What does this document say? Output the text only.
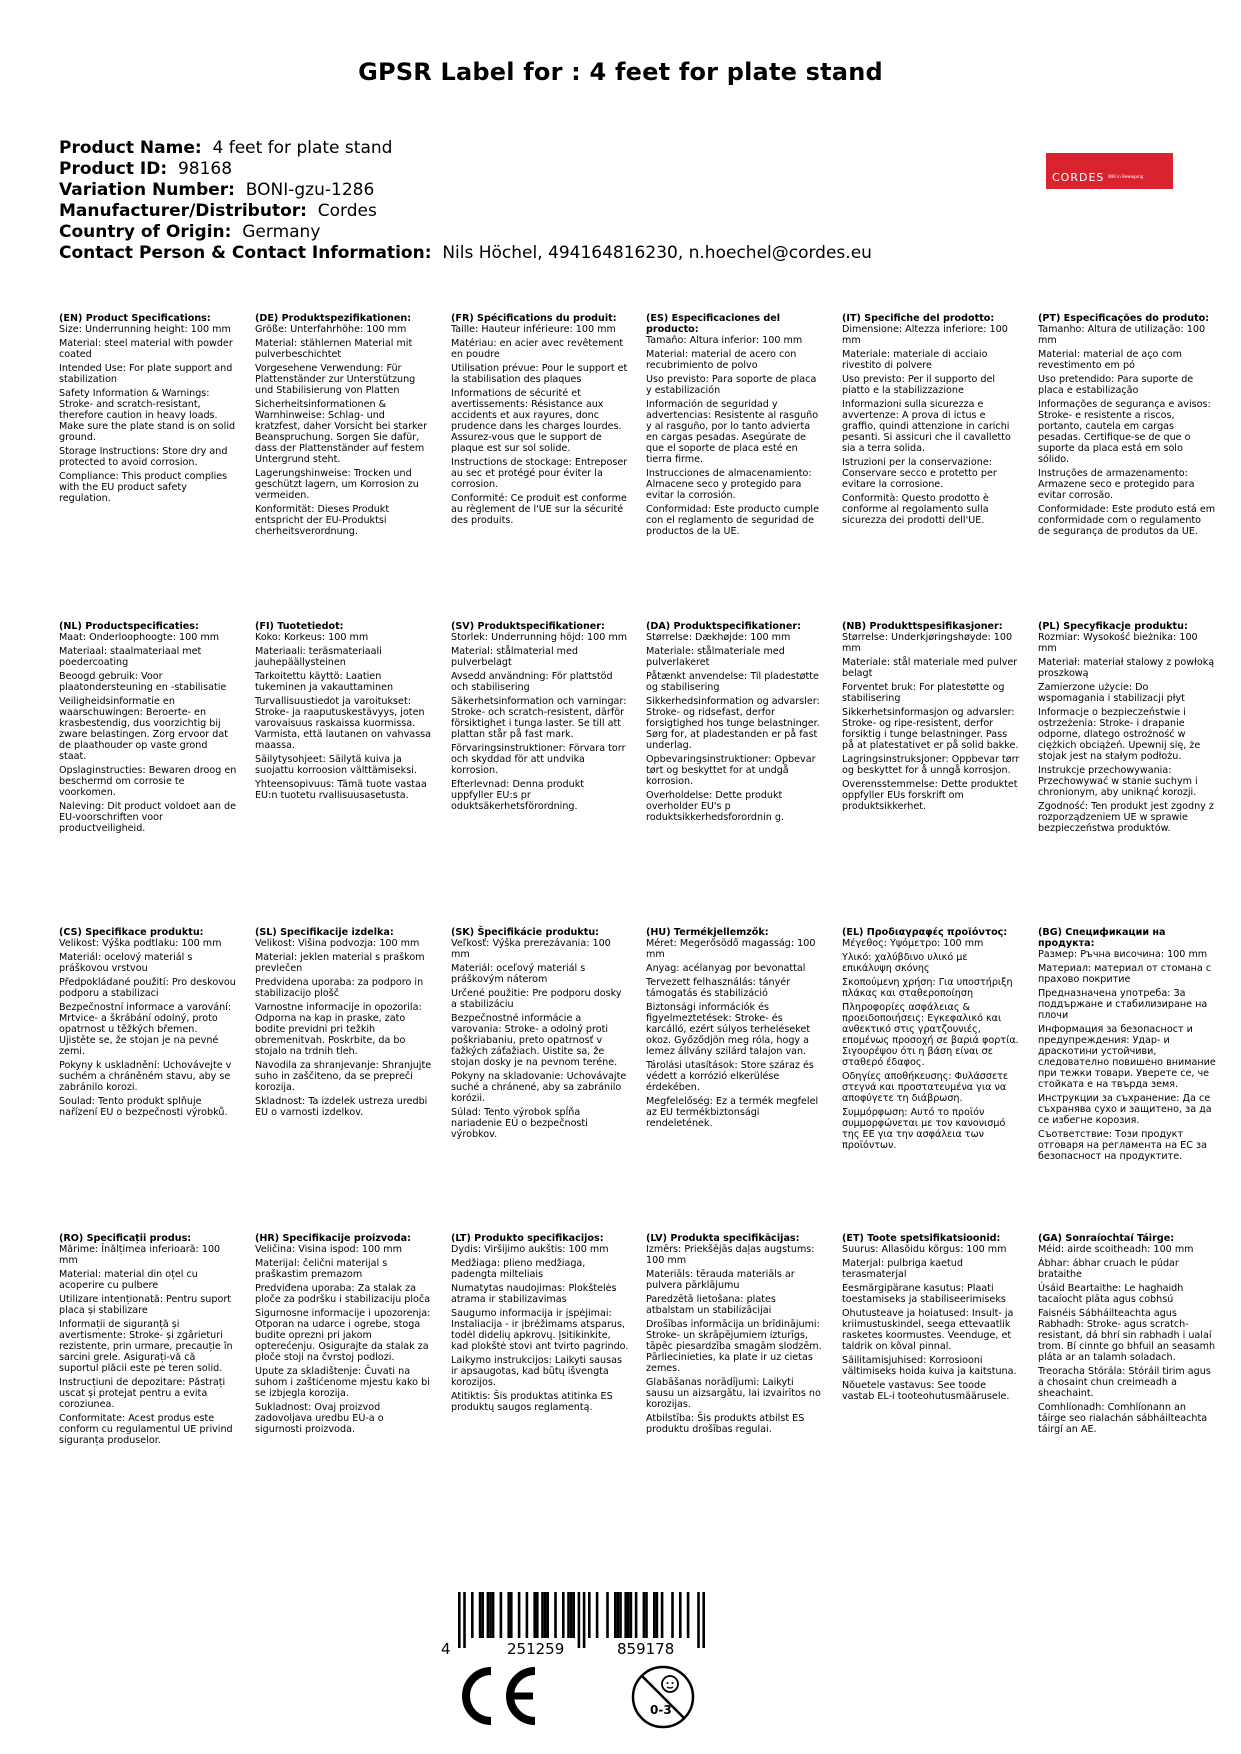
GPSR Label for : 4 feet for plate stand
Product Name: 4 feet for plate stand
Product ID: 98168
Variation Number: BONI-gzu-1286
Manufacturer/Distributor: Cordes
Country of Origin: Germany
Contact Person & Contact Information: Nils Höchel, 494164816230, n.hoechel@cordes.eu
CORDES WIR in Bewegung
(EN) Product Specifications:

Size: Underrunning height: 100 mm

Material: steel material with powder coated

Intended Use: For plate support and stabilization

Safety Information & Warnings: Stroke- and scratch-resistant, therefore caution in heavy loads. Make sure the plate stand is on solid ground.

Storage Instructions: Store dry and protected to avoid corrosion.

Compliance: This product complies with the EU product safety regulation.

(DE) Produktspezifikationen:

Größe: Unterfahrhöhe: 100 mm

Material: stählernen Material mit pulverbeschichtet

Vorgesehene Verwendung: Für Plattenständer zur Unterstützung und Stabilisierung von Platten

Sicherheitsinformationen & Warnhinweise: Schlag- und kratzfest, daher Vorsicht bei starker Beanspruchung. Sorgen Sie dafür, dass der Plattenständer auf festem Untergrund steht.

Lagerungshinweise: Trocken und geschützt lagern, um Korrosion zu vermeiden.

Konformität: Dieses Produkt entspricht der EU-Produktsi cherheitsverordnung.

(FR) Spécifications du produit:

Taille: Hauteur inférieure: 100 mm

Matériau: en acier avec revêtement en poudre

Utilisation prévue: Pour le support et la stabilisation des plaques

Informations de sécurité et avertissements: Résistance aux accidents et aux rayures, donc prudence dans les charges lourdes. Assurez-vous que le support de plaque est sur sol solide.

Instructions de stockage: Entreposer au sec et protégé pour éviter la corrosion.

Conformité: Ce produit est conforme au règlement de l'UE sur la sécurité des produits.

(ES) Especificaciones del producto:

Tamaño: Altura inferior: 100 mm

Material: material de acero con recubrimiento de polvo

Uso previsto: Para soporte de placa y estabilización

Información de seguridad y advertencias: Resistente al rasguño y al rasguño, por lo tanto advierta en cargas pesadas. Asegúrate de que el soporte de placa esté en tierra firme.

Instrucciones de almacenamiento: Almacene seco y protegido para evitar la corrosión.

Conformidad: Este producto cumple con el reglamento de seguridad de productos de la UE.

(IT) Specifiche del prodotto:

Dimensione: Altezza inferiore: 100 mm

Materiale: materiale di acciaio rivestito di polvere

Uso previsto: Per il supporto del piatto e la stabilizzazione

Informazioni sulla sicurezza e avvertenze: A prova di ictus e graffio, quindi attenzione in carichi pesanti. Si assicuri che il cavalletto sia a terra solida.

Istruzioni per la conservazione: Conservare secco e protetto per evitare la corrosione.

Conformità: Questo prodotto è conforme al regolamento sulla sicurezza dei prodotti dell'UE.

(PT) Especificações do produto:

Tamanho: Altura de utilização: 100 mm

Material: material de aço com revestimento em pó

Uso pretendido: Para suporte de placa e estabilização

Informações de segurança e avisos: Stroke- e resistente a riscos, portanto, cautela em cargas pesadas. Certifique-se de que o suporte da placa está em solo sólido.

Instruções de armazenamento: Armazene seco e protegido para evitar corrosão.

Conformidade: Este produto está em conformidade com o regulamento de segurança de produtos da UE.

(NL) Productspecificaties:

Maat: Onderloophoogte: 100 mm

Materiaal: staalmateriaal met poedercoating

Beoogd gebruik: Voor plaatondersteuning en -stabilisatie

Veiligheidsinformatie en waarschuwingen: Beroerte- en krasbestendig, dus voorzichtig bij zware belastingen. Zorg ervoor dat de plaathouder op vaste grond staat.

Opslaginstructies: Bewaren droog en beschermd om corrosie te voorkomen.

Naleving: Dit product voldoet aan de EU-voorschriften voor productveiligheid.

(FI) Tuotetiedot:

Koko: Korkeus: 100 mm

Materiaali: teräsmateriaali jauhepäällysteinen

Tarkoitettu käyttö: Laatien tukeminen ja vakauttaminen

Turvallisuustiedot ja varoitukset: Stroke- ja raaputuskestävyys, joten varovaisuus raskaissa kuormissa. Varmista, että lautanen on vahvassa maassa.

Säilytysohjeet: Säilytä kuiva ja suojattu korroosion välttämiseksi.

Yhteensopivuus: Tämä tuote vastaa EU:n tuotetu rvallisuusasetusta.

(SV) Produktspecifikationer:

Storlek: Underrunning höjd: 100 mm

Material: stålmaterial med pulverbelagt

Avsedd användning: För plattstöd och stabilisering

Säkerhetsinformation och varningar: Stroke- och scratch-resistent, därför försiktighet i tunga laster. Se till att plattan står på fast mark.

Förvaringsinstruktioner: Förvara torr och skyddad för att undvika korrosion.

Efterlevnad: Denna produkt uppfyller EU:s pr oduktsäkerhetsförordning.

(DA) Produktspecifikationer:

Størrelse: Dækhøjde: 100 mm

Materiale: stålmateriale med pulverlakeret

Påtænkt anvendelse: Til pladestøtte og stabilisering

Sikkerhedsinformation og advarsler: Stroke- og ridsefast, derfor forsigtighed hos tunge belastninger. Sørg for, at pladestanden er på fast underlag.

Opbevaringsinstruktioner: Opbevar tørt og beskyttet for at undgå korrosion.

Overholdelse: Dette produkt overholder EU's p roduktsikkerhedsforordnin g.

(NB) Produkttspesifikasjoner:

Størrelse: Underkjøringshøyde: 100 mm

Materiale: stål materiale med pulver belagt

Forventet bruk: For platestøtte og stabilisering

Sikkerhetsinformasjon og advarsler: Stroke- og ripe-resistent, derfor forsiktig i tunge belastninger. Pass på at platestativet er på solid bakke.

Lagringsinstruksjoner: Oppbevar tørr og beskyttet for å unngå korrosjon.

Overensstemmelse: Dette produktet oppfyller EUs forskrift om produktsikkerhet.

(PL) Specyfikacje produktu:

Rozmiar: Wysokość bieżnika: 100 mm

Materiał: materiał stalowy z powłoką proszkową

Zamierzone użycie: Do wspomagania i stabilizacji płyt

Informacje o bezpieczeństwie i ostrzeżenia: Stroke- i drapanie odporne, dlatego ostrożność w ciężkich obciążeń. Upewnij się, że stojak jest na stałym podłożu.

Instrukcje przechowywania: Przechowywać w stanie suchym i chronionym, aby uniknąć korozji.

Zgodność: Ten produkt jest zgodny z rozporządzeniem UE w sprawie bezpieczeństwa produktów.

(CS) Specifikace produktu:

Velikost: Výška podtlaku: 100 mm

Materiál: ocelový materiál s práškovou vrstvou

Předpokládané použití: Pro deskovou podporu a stabilizaci

Bezpečnostní informace a varování: Mrtvice- a škrábání odolný, proto opatrnost u těžkých břemen. Ujistěte se, že stojan je na pevné zemi.

Pokyny k uskladnění: Uchovávejte v suchém a chráněném stavu, aby se zabránilo korozi.

Soulad: Tento produkt splňuje nařízení EU o bezpečnosti výrobků.

(SL) Specifikacije izdelka:

Velikost: Višina podvozja: 100 mm

Material: jeklen material s praškom prevlečen

Predvidena uporaba: za podporo in stabilizacijo plošč

Varnostne informacije in opozorila: Odporna na kap in praske, zato bodite previdni pri težkih obremenitvah. Poskrbite, da bo stojalo na trdnih tleh.

Navodila za shranjevanje: Shranjujte suho in zaščiteno, da se prepreči korozija.

Skladnost: Ta izdelek ustreza uredbi EU o varnosti izdelkov.

(SK) Špecifikácie produktu:

Veľkosť: Výška prerezávania: 100 mm

Materiál: oceľový materiál s práškovým náterom

Určené použitie: Pre podporu dosky a stabilizáciu

Bezpečnostné informácie a varovania: Stroke- a odolný proti poškriabaniu, preto opatrnosť v ťažkých záťažiach. Uistite sa, že stojan dosky je na pevnom teréne.

Pokyny na skladovanie: Uchovávajte suché a chránené, aby sa zabránilo korózii.

Súlad: Tento výrobok spĺňa nariadenie EÚ o bezpečnosti výrobkov.

(HU) Termékjellemzők:

Méret: Megerősödő magasság: 100 mm

Anyag: acélanyag por bevonattal

Tervezett felhasználás: tányér támogatás és stabilizáció

Biztonsági információk és figyelmeztetések: Stroke- és karcálló, ezért súlyos terheléseket okoz. Győződjön meg róla, hogy a lemez állvány szilárd talajon van.

Tárolási utasítások: Store száraz és védett a korrózió elkerülése érdekében.

Megfelelőség: Ez a termék megfelel az EU termékbiztonsági rendeletének.

(EL) Προδιαγραφές προϊόντος:

Μέγεθος: Υψόμετρο: 100 mm

Υλικό: χαλύβδινο υλικό με επικάλυψη σκόνης

Σκοπούμενη χρήση: Για υποστήριξη πλάκας και σταθεροποίηση

Πληροφορίες ασφάλειας & προειδοποιήσεις: Εγκεφαλικό και ανθεκτικό στις γρατζουνιές, επομένως προσοχή σε βαριά φορτία. Σιγουρέψου ότι η βάση είναι σε σταθερό έδαφος.

Οδηγίες αποθήκευσης: Φυλάσσετε στεγνά και προστατευμένα για να αποφύγετε τη διάβρωση.

Συμμόρφωση: Αυτό το προϊόν συμμορφώνεται με τον κανονισμό της ΕΕ για την ασφάλεια των προϊόντων.

(BG) Спецификации на продукта:

Размер: Ръчна височина: 100 mm

Материал: материал от стомана с прахово покритие

Предназначена употреба: За поддържане и стабилизиране на плочи

Информация за безопасност и предупреждения: Удар- и драскотини устойчиви, следователно повишено внимание при тежки товари. Уверете се, че стойката е на твърда земя.

Инструкции за съхранение: Да се съхранява сухо и защитено, за да се избегне корозия.

Съответствие: Този продукт отговаря на регламента на ЕС за безопасност на продуктите.

(RO) Specificații produs:

Mărime: Înălțimea inferioară: 100 mm

Material: material din oțel cu acoperire cu pulbere

Utilizare intenționată: Pentru suport placa și stabilizare

Informații de siguranță și avertismente: Stroke- și zgârieturi rezistente, prin urmare, precauție în sarcini grele. Asigurați-vă că suportul plăcii este pe teren solid.

Instrucțiuni de depozitare: Păstrați uscat și protejat pentru a evita coroziunea.

Conformitate: Acest produs este conform cu regulamentul UE privind siguranța produselor.

(HR) Specifikacije proizvoda:

Veličina: Visina ispod: 100 mm

Materijal: čelični materijal s praškastim premazom

Predviđena uporaba: Za stalak za ploče za podršku i stabilizaciju ploča

Sigurnosne informacije i upozorenja: Otporan na udarce i ogrebe, stoga budite oprezni pri jakom opterećenju. Osigurajte da stalak za ploče stoji na čvrstoj podlozi.

Upute za skladištenje: Čuvati na suhom i zaštićenome mjestu kako bi se izbjegla korozija.

Sukladnost: Ovaj proizvod zadovoljava uredbu EU-a o sigurnosti proizvoda.

(LT) Produkto specifikacijos:

Dydis: Viršijimo aukštis: 100 mm

Medžiaga: plieno medžiaga, padengta milteliais

Numatytas naudojimas: Plokštelės atrama ir stabilizavimas

Saugumo informacija ir įspėjimai: Instaliacija - ir įbrėžimams atsparus, todėl didelių apkrovų. Įsitikinkite, kad plokštė stovi ant tvirto pagrindo.

Laikymo instrukcijos: Laikyti sausas ir apsaugotas, kad būtų išvengta korozijos.

Atitiktis: Šis produktas atitinka ES produktų saugos reglamentą.

(LV) Produkta specifikācijas:

Izmērs: Priekšējās daļas augstums: 100 mm

Materiāls: tērauda materiāls ar pulvera pārklājumu

Paredzētā lietošana: plates atbalstam un stabilizācijai

Drošības informācija un brīdinājumi: Stroke- un skrāpējumiem izturīgs, tāpēc piesardzība smagām slodzēm. Pārliecinieties, ka plate ir uz cietas zemes.

Glabāšanas norādījumi: Laikyti sausu un aizsargātu, lai izvairītos no korozijas.

Atbilstība: Šis produkts atbilst ES produktu drošības regulai.

(ET) Toote spetsifikatsioonid:

Suurus: Allasõidu kõrgus: 100 mm

Materjal: pulbriga kaetud terasmaterjal

Eesmärgipärane kasutus: Plaati toestamiseks ja stabiliseerimiseks

Ohutusteave ja hoiatused: Insult- ja kriimustuskindel, seega ettevaatlik rasketes koormustes. Veenduge, et taldrik on kõval pinnal.

Säilitamisjuhised: Korrosiooni vältimiseks hoida kuiva ja kaitstuna.

Nõuetele vastavus: See toode vastab EL-i tooteohutusmäärusele.

(GA) Sonraíochtaí Táirge:

Méid: airde scoitheadh: 100 mm

Ábhar: ábhar cruach le púdar brataithe

Úsáid Beartaithe: Le haghaidh tacaíocht plāta agus cobhsú

Faisnéis Sábháilteachta agus Rabhadh: Stroke- agus scratch-resistant, dá bhrí sin rabhadh i ualaí trom. Bí cinnte go bhfuil an seasamh pláta ar an talamh soladach.

Treoracha Stórála: Stóráil tirim agus a chosaint chun creimeadh a sheachaint.

Comhlíonadh: Comhlíonann an táirge seo rialachán sábháilteachta táirgí an AE.

4	251259	859178
0-3
